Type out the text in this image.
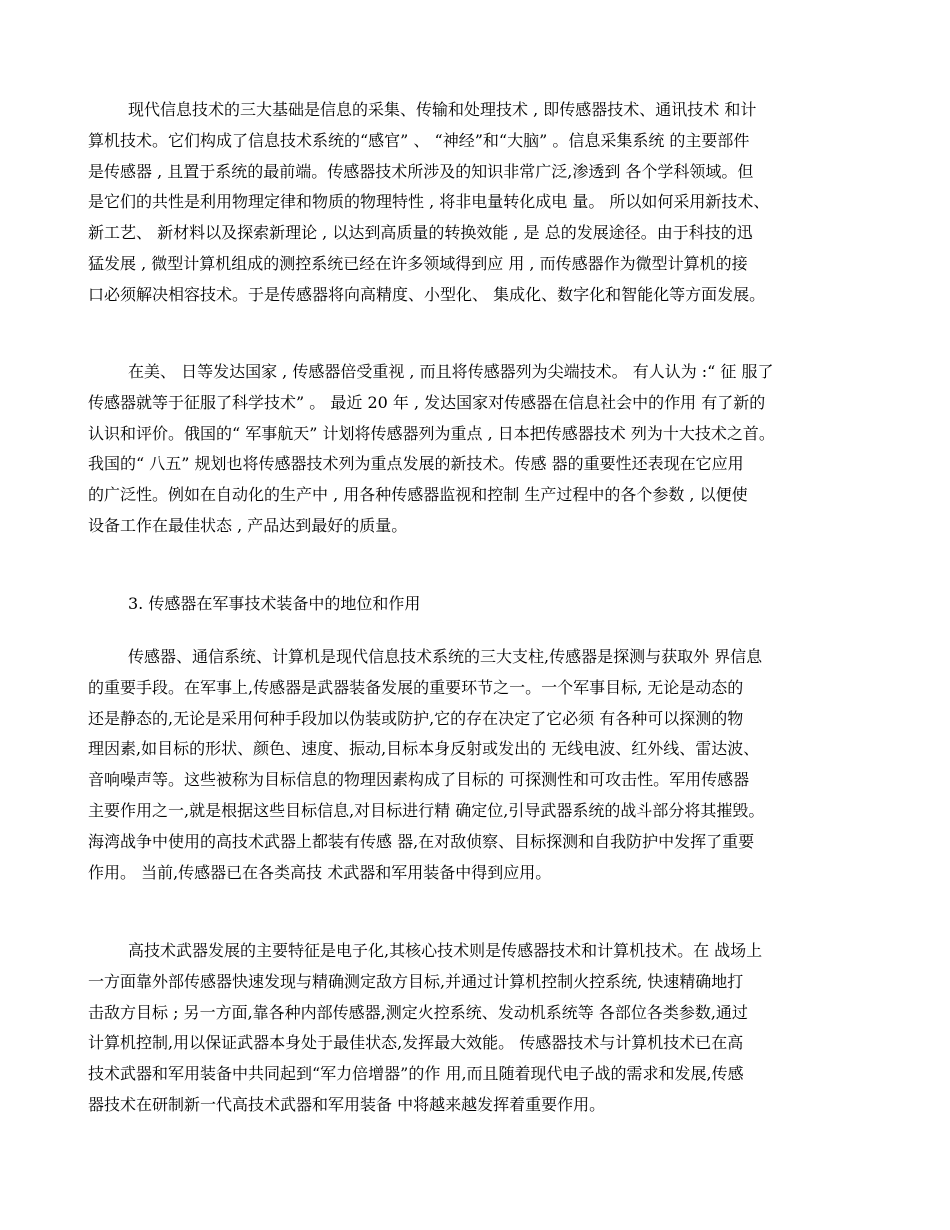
现代信息技术的三大基础是信息的采集、传输和处理技术 , 即传感器技术、通讯技术 和计
算机技术。它们构成了信息技术系统的“感官” 、 “神经”和“大脑” 。信息采集系统 的主要部件
是传感器 , 且置于系统的最前端。传感器技术所涉及的知识非常广泛,渗透到 各个学科领域。但
是它们的共性是利用物理定律和物质的物理特性 , 将非电量转化成电 量。 所以如何采用新技术、
新工艺、 新材料以及探索新理论 , 以达到高质量的转换效能 , 是 总的发展途径。由于科技的迅
猛发展 , 微型计算机组成的测控系统已经在许多领域得到应 用 , 而传感器作为微型计算机的接
口必须解决相容技术。于是传感器将向高精度、小型化、 集成化、数字化和智能化等方面发展。
在美、 日等发达国家 , 传感器倍受重视 , 而且将传感器列为尖端技术。 有人认为 :“ 征 服了
传感器就等于征服了科学技术” 。 最近 20 年 , 发达国家对传感器在信息社会中的作用 有了新的
认识和评价。俄国的“ 军事航天” 计划将传感器列为重点 , 日本把传感器技术 列为十大技术之首。
我国的“ 八五” 规划也将传感器技术列为重点发展的新技术。传感 器的重要性还表现在它应用
的广泛性。例如在自动化的生产中 , 用各种传感器监视和控制 生产过程中的各个参数 , 以便使
设备工作在最佳状态 , 产品达到最好的质量。
3. 传感器在军事技术装备中的地位和作用
传感器、通信系统、计算机是现代信息技术系统的三大支柱,传感器是探测与获取外 界信息
的重要手段。在军事上,传感器是武器装备发展的重要环节之一。一个军事目标, 无论是动态的
还是静态的,无论是采用何种手段加以伪装或防护,它的存在决定了它必须 有各种可以探测的物
理因素,如目标的形状、颜色、速度、振动,目标本身反射或发出的 无线电波、红外线、雷达波、
音响噪声等。这些被称为目标信息的物理因素构成了目标的 可探测性和可攻击性。军用传感器
主要作用之一,就是根据这些目标信息,对目标进行精 确定位,引导武器系统的战斗部分将其摧毁。
海湾战争中使用的高技术武器上都装有传感 器,在对敌侦察、目标探测和自我防护中发挥了重要
作用。 当前,传感器已在各类高技 术武器和军用装备中得到应用。
高技术武器发展的主要特征是电子化,其核心技术则是传感器技术和计算机技术。在 战场上
一方面靠外部传感器快速发现与精确测定敌方目标,并通过计算机控制火控系统, 快速精确地打
击敌方目标 ; 另一方面,靠各种内部传感器,测定火控系统、发动机系统等 各部位各类参数,通过
计算机控制,用以保证武器本身处于最佳状态,发挥最大效能。 传感器技术与计算机技术已在高
技术武器和军用装备中共同起到“军力倍增器”的作 用,而且随着现代电子战的需求和发展,传感
器技术在研制新一代高技术武器和军用装备 中将越来越发挥着重要作用。
